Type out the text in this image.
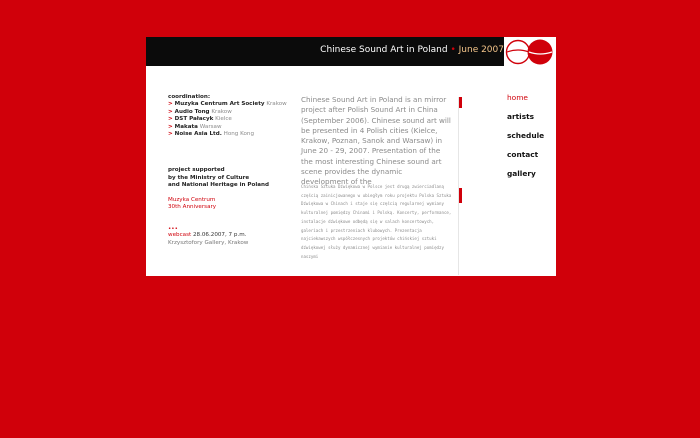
Chinese Sound Art in Poland • June 2007
coordination:
> Muzyka Centrum Art Society Krakow
> Audio Tong Krakow
> DST Pałacyk Kielce
> Makata Warsaw
> Noise Asia Ltd. Hong Kong
project supported
by the Ministry of Culture
and National Heritage in Poland
Muzyka Centrum
30th Anniversary
•••
webcast 28.06.2007, 7 p.m.
Krzysztofory Gallery, Krakow
Chinese Sound Art in Poland is an mirror project after Polish Sound Art in China (September 2006). Chinese sound art will be presented in 4 Polish cities (Kielce, Krakow, Poznan, Sanok and Warsaw) in June 20 - 29, 2007. Presentation of the the most interesting Chinese sound art scene provides the dynamic development of the
Chińska Sztuka Dźwiękowa w Polsce jest drugą zwierciadlaną częścią zainicjowanego w ubiegłym roku projektu Polska Sztuka Dźwiękowa w Chinach i staje się częścią regularnej wymiany kulturalnej pomiędzy Chinami i Polską. Koncerty, performance, instalacje dźwiękowe odbędą się w salach koncertowych, galeriach i przestrzeniach klubowych. Prezentacja najciekawszych współczesnych projektów chińskiej sztuki dźwiękowej służy dynamicznej wymianie kulturalnej pomiędzy naszymi
home
artists
schedule
contact
gallery
